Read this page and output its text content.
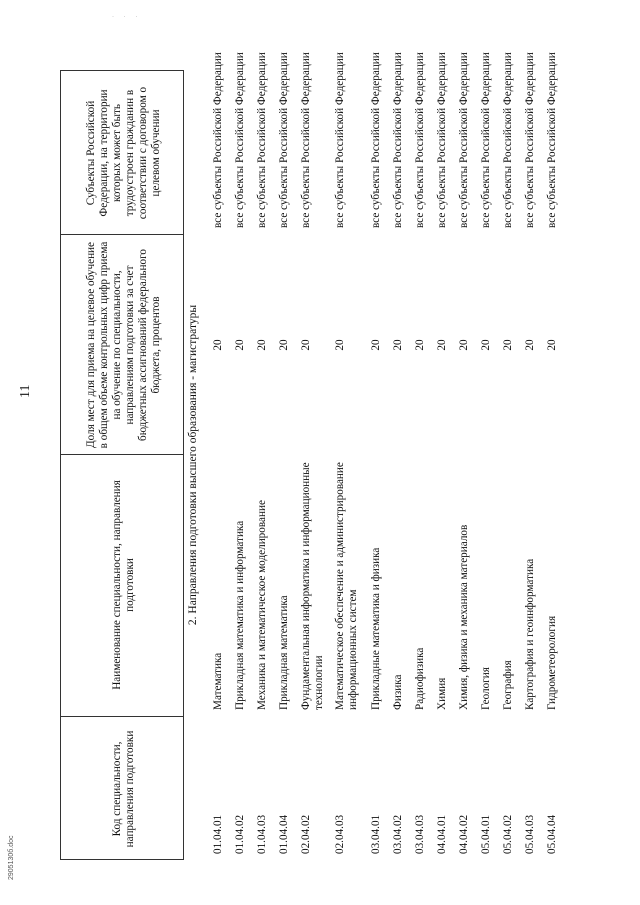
· · ·
11
Код специальности, направления подготовки
Наименование специальности, направления подготовки
Доля мест для приема на целевое обучение в общем объеме контрольных цифр приема на обучение по специальности, направлениям подготовки за счет бюджетных ассигнований федерального бюджета, процентов
Субъекты Российской Федерации, на территории которых может быть трудоустроен гражданин в соответствии с договором о целевом обучении
2. Направления подготовки высшего образования - магистратуры
01.04.01
Математика
20
все субъекты Российской Федерации
01.04.02
Прикладная математика и информатика
20
все субъекты Российской Федерации
01.04.03
Механика и математическое моделирование
20
все субъекты Российской Федерации
01.04.04
Прикладная математика
20
все субъекты Российской Федерации
02.04.02
Фундаментальная информатика и информационные технологии
20
все субъекты Российской Федерации
02.04.03
Математическое обеспечение и администрирование информационных систем
20
все субъекты Российской Федерации
03.04.01
Прикладные математика и физика
20
все субъекты Российской Федерации
03.04.02
Физика
20
все субъекты Российской Федерации
03.04.03
Радиофизика
20
все субъекты Российской Федерации
04.04.01
Химия
20
все субъекты Российской Федерации
04.04.02
Химия, физика и механика материалов
20
все субъекты Российской Федерации
05.04.01
Геология
20
все субъекты Российской Федерации
05.04.02
География
20
все субъекты Российской Федерации
05.04.03
Картография и геоинформатика
20
все субъекты Российской Федерации
05.04.04
Гидрометеорология
20
все субъекты Российской Федерации
2905130б.doc
